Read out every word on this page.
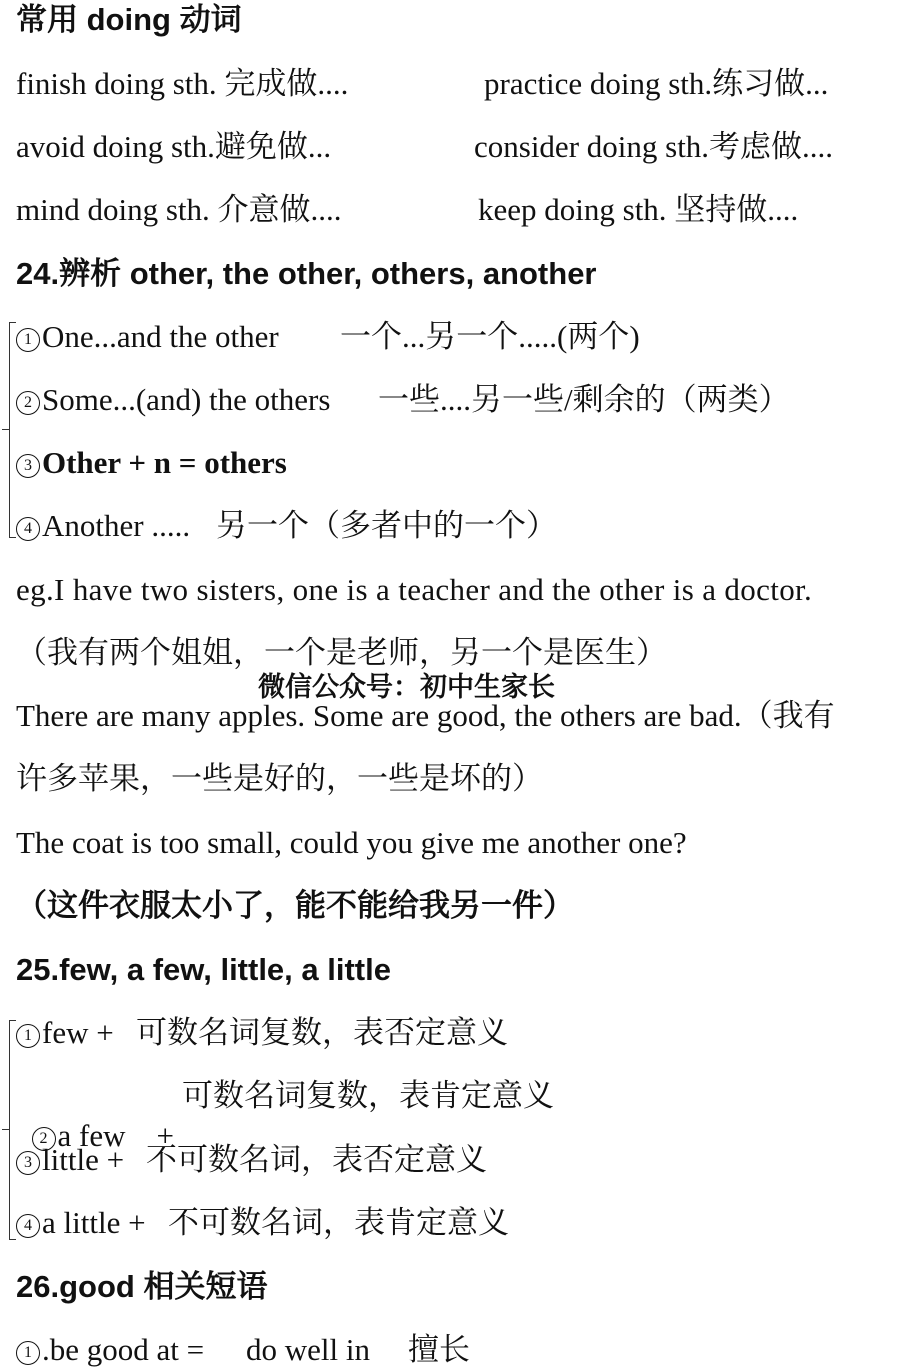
常用 doing 动词
finish doing sth. 完成做....	practice doing sth.练习做...
avoid doing sth.避免做...	consider doing sth.考虑做....
mind doing sth. 介意做....	keep doing sth. 坚持做....
24.辨析 other, the other, others, another
1 One...and the other 一个...另一个.....(两个)
2 Some...(and) the others 一些....另一些/剩余的（两类）
3 Other + n = others
4 Another ..... 另一个（多者中的一个）
eg.I have two sisters, one is a teacher and the other is a doctor.
（我有两个姐姐，一个是老师，另一个是医生）
微信公众号：初中生家长
There are many apples. Some are good, the others are bad.（我有
许多苹果，一些是好的，一些是坏的）
The coat is too small, could you give me another one?
（这件衣服太小了，能不能给我另一件）
25.few, a few, little, a little
1 few + 可数名词复数，表否定意义

2 a few    +

可数名词复数，表肯定意义
3 little + 不可数名词，表否定意义
4 a little + 不可数名词，表肯定意义
26.good 相关短语
1 .be good at = do well in 擅长
